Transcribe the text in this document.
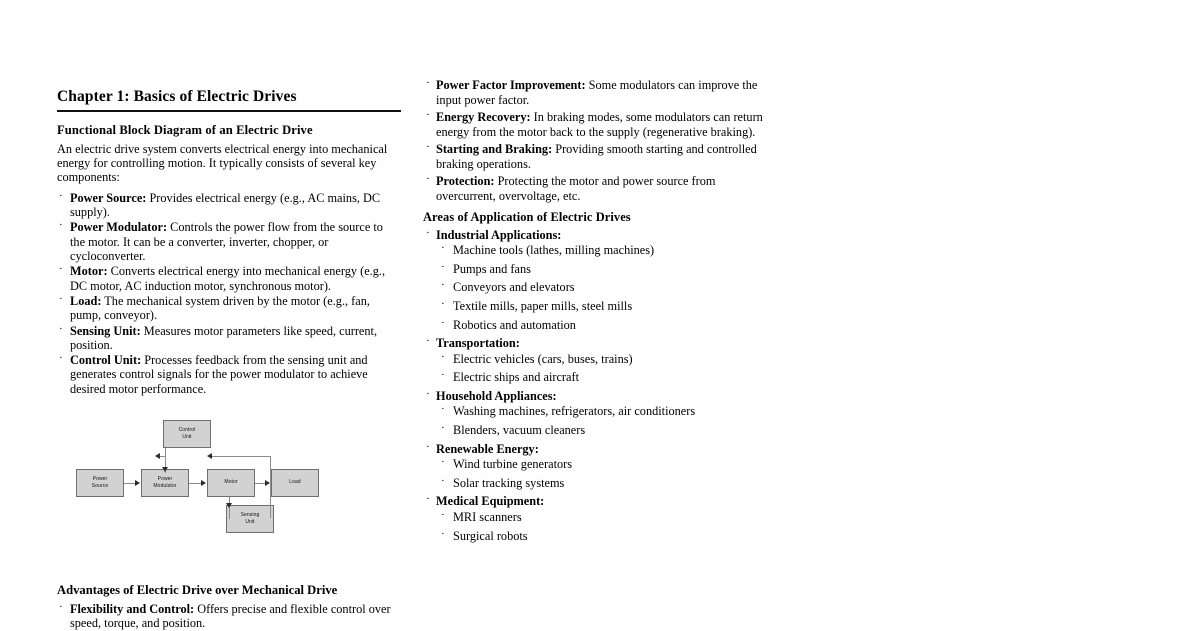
Chapter 1: Basics of Electric Drives
Functional Block Diagram of an Electric Drive

An electric drive system converts electrical energy into mechanical energy for controlling motion. It typically consists of several key components:

· Power Source: Provides electrical energy (e.g., AC mains, DC supply).
· Power Modulator: Controls the power flow from the source to the motor. It can be a converter, inverter, chopper, or cycloconverter.
· Motor: Converts electrical energy into mechanical energy (e.g., DC motor, AC induction motor, synchronous motor).
· Load: The mechanical system driven by the motor (e.g., fan, pump, conveyor).
· Sensing Unit: Measures motor parameters like speed, current, position.
· Control Unit: Processes feedback from the sensing unit and generates control signals for the power modulator to achieve desired motor performance.
Control
Unit
Power
Source
Power
Modulator
Motor	Load
Sensing
Unit
Advantages of Electric Drive over Mechanical Drive
· Flexibility and Control: Offers precise and flexible control over speed, torque, and position.
· Power Factor Improvement: Some modulators can improve the input power factor.
· Energy Recovery: In braking modes, some modulators can return energy from the motor back to the supply (regenerative braking).
· Starting and Braking: Providing smooth starting and controlled braking operations.
· Protection: Protecting the motor and power source from overcurrent, overvoltage, etc.
Areas of Application of Electric Drives
· Industrial Applications:
· Machine tools (lathes, milling machines)
· Pumps and fans
· Conveyors and elevators
· Textile mills, paper mills, steel mills
· Robotics and automation
· Transportation:
· Electric vehicles (cars, buses, trains)
· Electric ships and aircraft
· Household Appliances:
· Washing machines, refrigerators, air conditioners
· Blenders, vacuum cleaners
· Renewable Energy:
· Wind turbine generators
· Solar tracking systems
· Medical Equipment:
· MRI scanners
· Surgical robots
